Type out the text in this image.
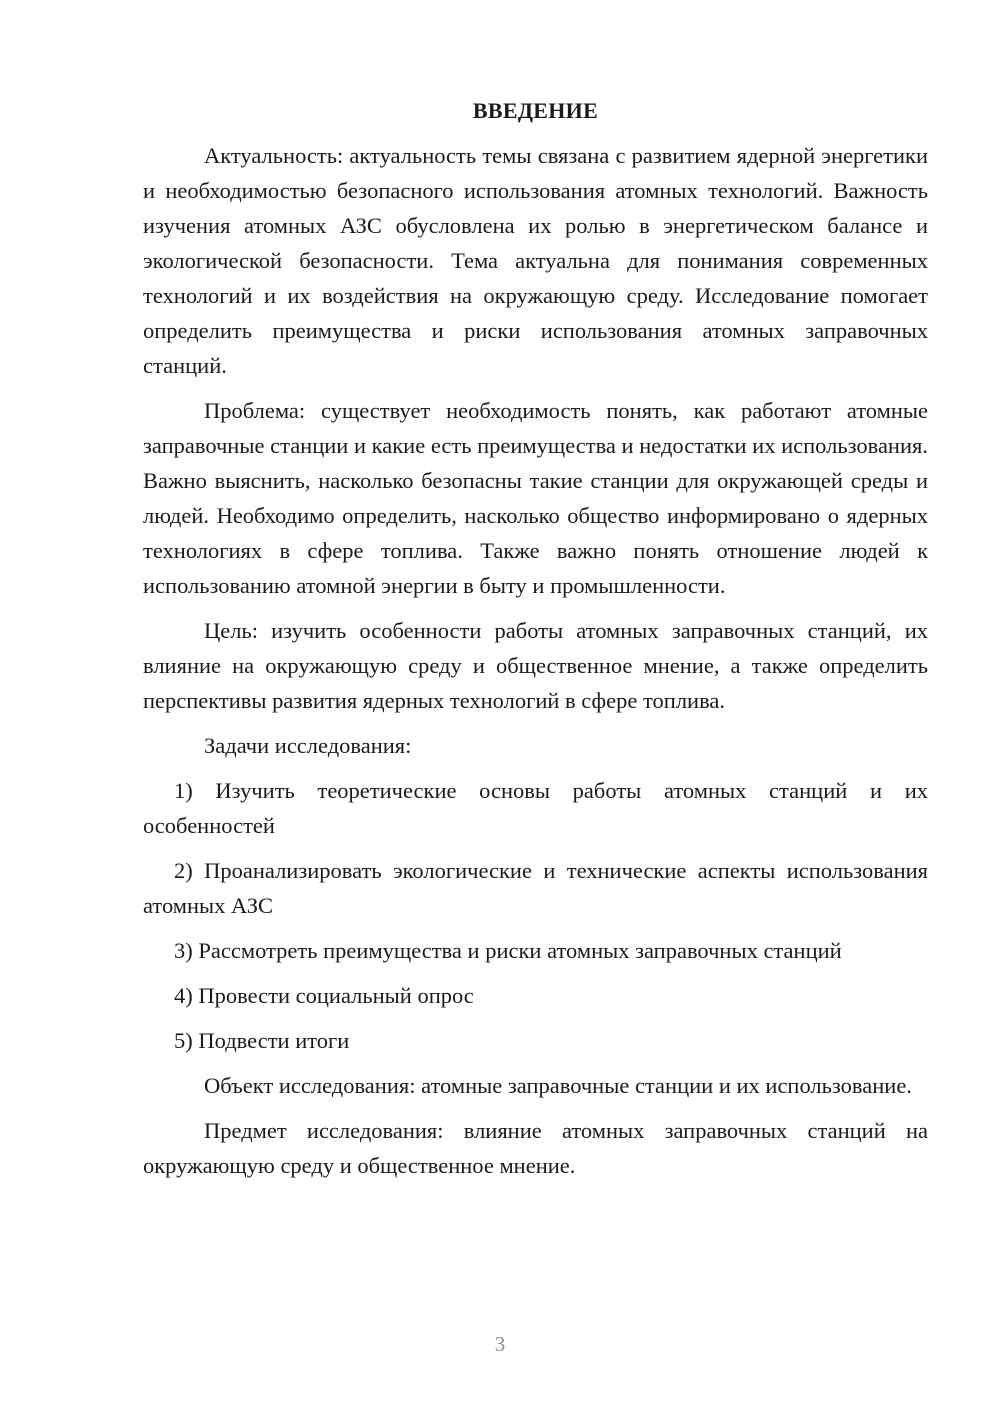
ВВЕДЕНИЕ

Актуальность: актуальность темы связана с развитием ядерной энергетики и необходимостью безопасного использования атомных технологий. Важность изучения атомных АЗС обусловлена их ролью в энергетическом балансе и экологической безопасности. Тема актуальна для понимания современных технологий и их воздействия на окружающую среду. Исследование помогает определить преимущества и риски использования атомных заправочных станций.

Проблема: существует необходимость понять, как работают атомные заправочные станции и какие есть преимущества и недостатки их использования. Важно выяснить, насколько безопасны такие станции для окружающей среды и людей. Необходимо определить, насколько общество информировано о ядерных технологиях в сфере топлива. Также важно понять отношение людей к использованию атомной энергии в быту и промышленности.

Цель: изучить особенности работы атомных заправочных станций, их влияние на окружающую среду и общественное мнение, а также определить перспективы развития ядерных технологий в сфере топлива.

Задачи исследования:

1) Изучить теоретические основы работы атомных станций и их особенностей

2) Проанализировать экологические и технические аспекты использования атомных АЗС

3) Рассмотреть преимущества и риски атомных заправочных станций

4) Провести социальный опрос

5) Подвести итоги

Объект исследования: атомные заправочные станции и их использование.

Предмет исследования: влияние атомных заправочных станций на окружающую среду и общественное мнение.

3
